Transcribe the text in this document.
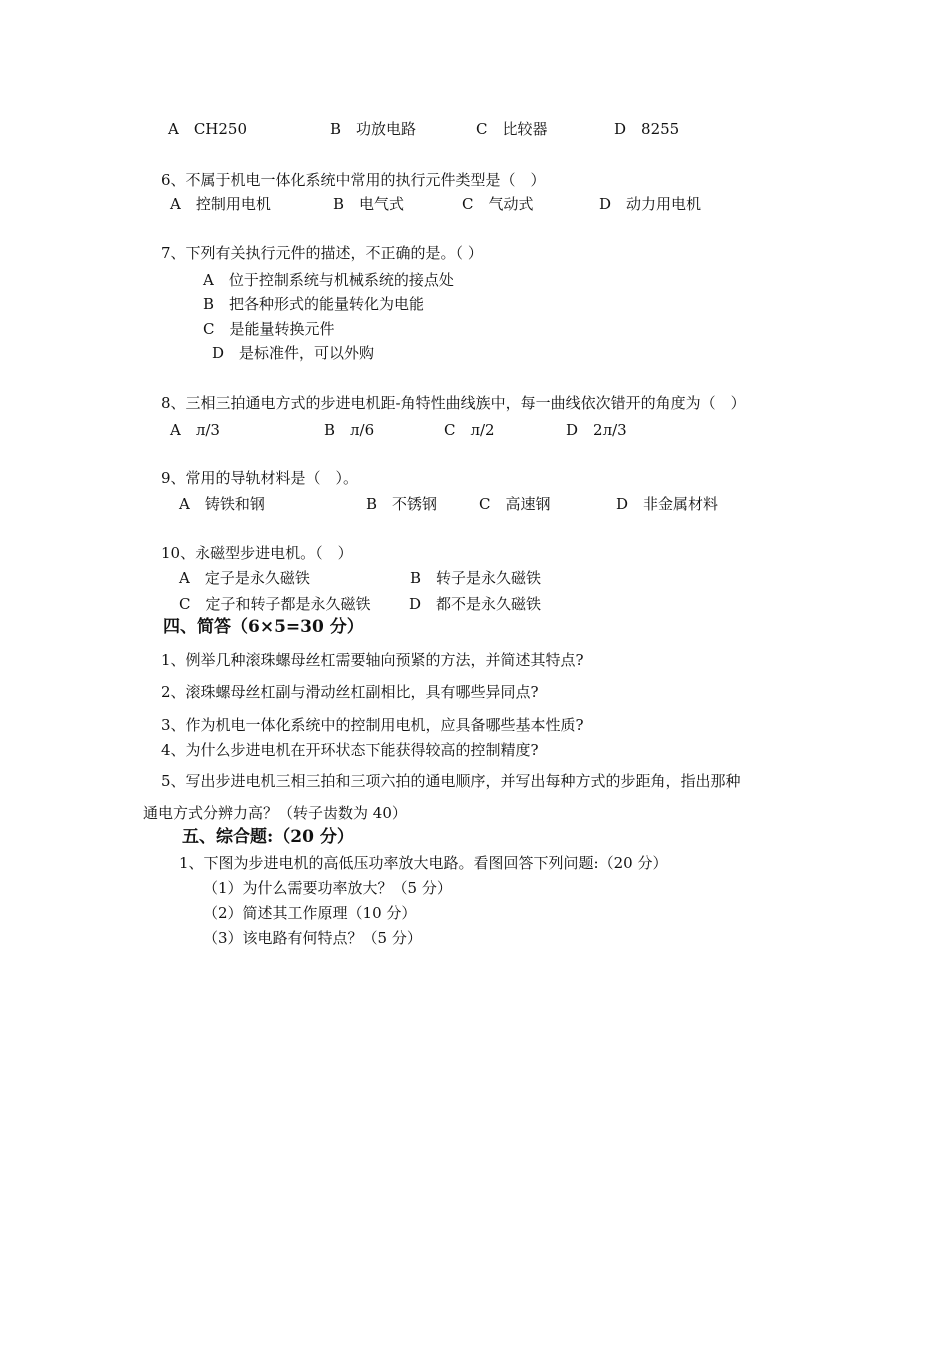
A　CH250	B　功放电路	C　比较器	D　8255
6、不属于机电一体化系统中常用的执行元件类型是（　）
A　控制用电机	B　电气式	C　气动式	D　动力用电机
7、下列有关执行元件的描述，不正确的是。（ ）
A　位于控制系统与机械系统的接点处
B　把各种形式的能量转化为电能
C　是能量转换元件
D　是标准件，可以外购
8、三相三拍通电方式的步进电机距-角特性曲线族中，每一曲线依次错开的角度为（　）
A　л/3	B　л/6	C　л/2	D　2л/3
9、常用的导轨材料是（　）。
A　铸铁和钢	B　不锈钢	C　高速钢	D　非金属材料
10、永磁型步进电机。（　）
A　定子是永久磁铁	B　转子是永久磁铁
C　定子和转子都是永久磁铁	D　都不是永久磁铁
四、简答（6×5=30 分）
1、例举几种滚珠螺母丝杠需要轴向预紧的方法，并简述其特点?
2、滚珠螺母丝杠副与滑动丝杠副相比，具有哪些异同点?
3、作为机电一体化系统中的控制用电机，应具备哪些基本性质?
4、为什么步进电机在开环状态下能获得较高的控制精度?
5、写出步进电机三相三拍和三项六拍的通电顺序，并写出每种方式的步距角，指出那种
通电方式分辨力高？（转子齿数为 40）
五、综合题:（20 分）
1、下图为步进电机的高低压功率放大电路。看图回答下列问题:（20 分）
（1）为什么需要功率放大？（5 分）
（2）简述其工作原理（10 分）
（3）该电路有何特点？（5 分）
